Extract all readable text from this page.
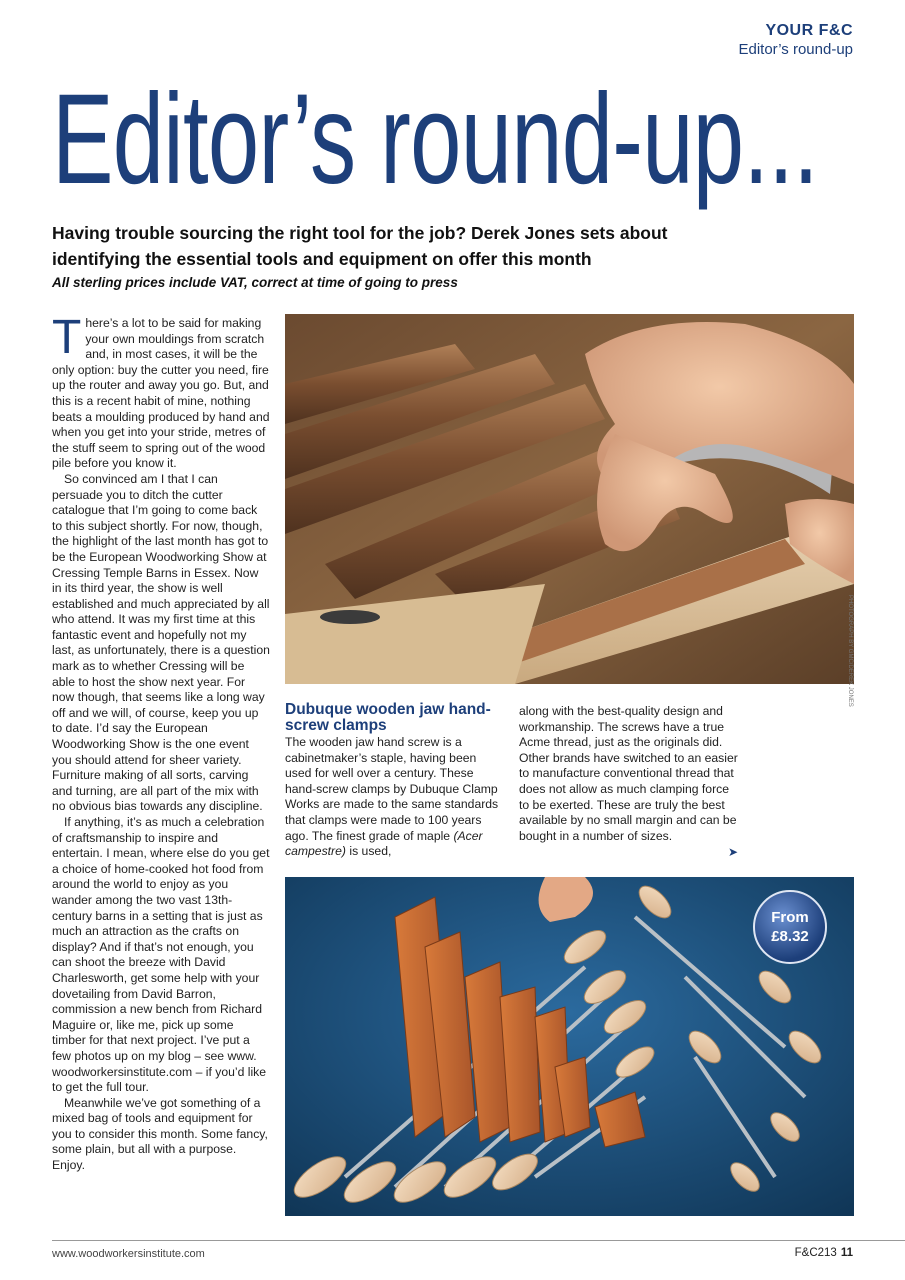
YOUR F&C
Editor’s round-up
Editor’s round-up...
Having trouble sourcing the right tool for the job? Derek Jones sets about identifying the essential tools and equipment on offer this month
All sterling prices include VAT, correct at time of going to press

There’s a lot to be said for making your own mouldings from scratch and, in most cases, it will be the only option: buy the cutter you need, fire up the router and away you go. But, and this is a recent habit of mine, nothing beats a moulding produced by hand and when you get into your stride, metres of the stuff seem to spring out of the wood pile before you know it.

So convinced am I that I can persuade you to ditch the cutter catalogue that I’m going to come back to this subject shortly. For now, though, the highlight of the last month has got to be the European Woodworking Show at Cressing Temple Barns in Essex. Now in its third year, the show is well established and much appreciated by all who attend. It was my first time at this fantastic event and hopefully not my last, as unfortunately, there is a question mark as to whether Cressing will be able to host the show next year. For now though, that seems like a long way off and we will, of course, keep you up to date. I’d say the European Woodworking Show is the one event you should attend for sheer variety. Furniture making of all sorts, carving and turning, are all part of the mix with no obvious bias towards any discipline.

If anything, it’s as much a celebration of craftsmanship to inspire and entertain. I mean, where else do you get a choice of home-cooked hot food from around the world to enjoy as you wander among the two vast 13th-century barns in a setting that is just as much an attraction as the crafts on display? And if that’s not enough, you can shoot the breeze with David Charlesworth, get some help with your dovetailing from David Barron, commission a new bench from Richard Maguire or, like me, pick up some timber for that next project. I’ve put a few photos up on my blog – see www. woodworkersinstitute.com – if you’d like to get the full tour.

Meanwhile we’ve got something of a mixed bag of tools and equipment for you to consider this month. Some fancy, some plain, but all with a purpose. Enjoy.

PHOTOGRAPH BY GMC/DEREK JONES
Dubuque wooden jaw hand-screw clamps

The wooden jaw hand screw is a cabinetmaker’s staple, having been used for well over a century. These hand-screw clamps by Dubuque Clamp Works are made to the same standards that clamps were made to 100 years ago. The finest grade of maple (Acer campestre) is used,

along with the best-quality design and workmanship. The screws have a true Acme thread, just as the originals did. Other brands have switched to an easier to manufacture conventional thread that does not allow as much clamping force to be exerted. These are truly the best available by no small margin and can be bought in a number of sizes.

➤
From
£8.32
www.woodworkersinstitute.com	F&C213 11
